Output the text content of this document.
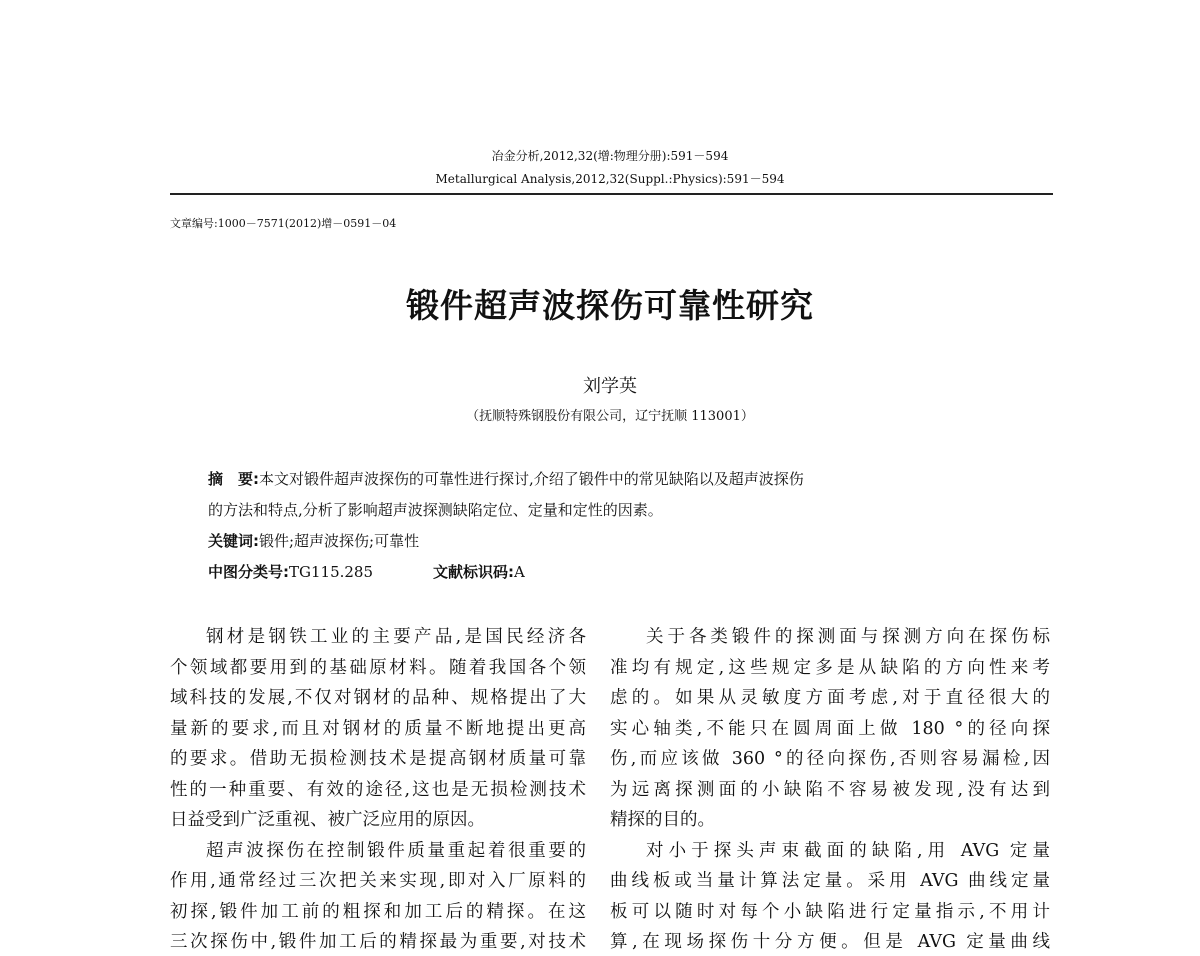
冶金分析,2012,32(增:物理分册):591－594
Metallurgical Analysis,2012,32(Suppl.:Physics):591－594
文章编号:1000－7571(2012)增－0591－04
锻件超声波探伤可靠性研究
刘学英
（抚顺特殊钢股份有限公司，辽宁抚顺 113001）
摘　要:本文对锻件超声波探伤的可靠性进行探讨,介绍了锻件中的常见缺陷以及超声波探伤
的方法和特点,分析了影响超声波探测缺陷定位、定量和定性的因素。
关键词:锻件;超声波探伤;可靠性
中图分类号:TG115.285	文献标识码:A
钢材是钢铁工业的主要产品,是国民经济各
个领域都要用到的基础原材料。随着我国各个领
域科技的发展,不仅对钢材的品种、规格提出了大
量新的要求,而且对钢材的质量不断地提出更高
的要求。借助无损检测技术是提高钢材质量可靠
性的一种重要、有效的途径,这也是无损检测技术
日益受到广泛重视、被广泛应用的原因。
超声波探伤在控制锻件质量重起着很重要的
作用,通常经过三次把关来实现,即对入厂原料的
初探,锻件加工前的粗探和加工后的精探。在这
三次探伤中,锻件加工后的精探最为重要,对技术
关于各类锻件的探测面与探测方向在探伤标
准均有规定,这些规定多是从缺陷的方向性来考
虑的。如果从灵敏度方面考虑,对于直径很大的
实心轴类,不能只在圆周面上做 180 °的径向探
伤,而应该做 360 °的径向探伤,否则容易漏检,因
为远离探测面的小缺陷不容易被发现,没有达到
精探的目的。
对小于探头声束截面的缺陷,用 AVG 定量
曲线板或当量计算法定量。采用 AVG 曲线定量
板可以随时对每个小缺陷进行定量指示,不用计
算,在现场探伤十分方便。但是 AVG 定量曲线
